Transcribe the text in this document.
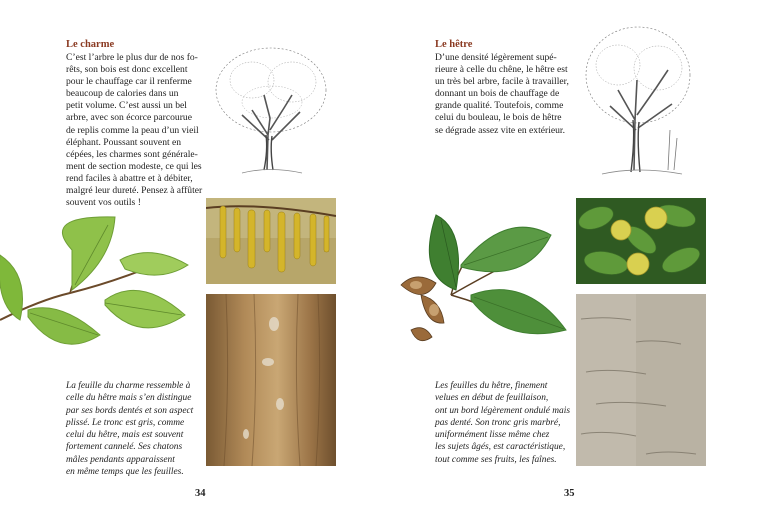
Le charme
C’est l’arbre le plus dur de nos fo-
rêts, son bois est donc excellent
pour le chauffage car il renferme
beaucoup de calories dans un
petit volume. C’est aussi un bel
arbre, avec son écorce parcourue
de replis comme la peau d’un vieil
éléphant. Poussant souvent en
cépées, les charmes sont générale-
ment de section modeste, ce qui les
rend faciles à abattre et à débiter,
malgré leur dureté. Pensez à affûter
souvent vos outils !
La feuille du charme ressemble à
celle du hêtre mais s’en distingue
par ses bords dentés et son aspect
plissé. Le tronc est gris, comme
celui du hêtre, mais est souvent
fortement cannelé. Ses chatons
mâles pendants apparaissent
en même temps que les feuilles.
34
Le hêtre
D’une densité légèrement supé-
rieure à celle du chêne, le hêtre est
un très bel arbre, facile à travailler,
donnant un bois de chauffage de
grande qualité. Toutefois, comme
celui du bouleau, le bois de hêtre
se dégrade assez vite en extérieur.
Les feuilles du hêtre, finement
velues en début de feuillaison,
ont un bord légèrement ondulé mais
pas denté. Son tronc gris marbré,
uniformément lisse même chez
les sujets âgés, est caractéristique,
tout comme ses fruits, les faînes.
35
